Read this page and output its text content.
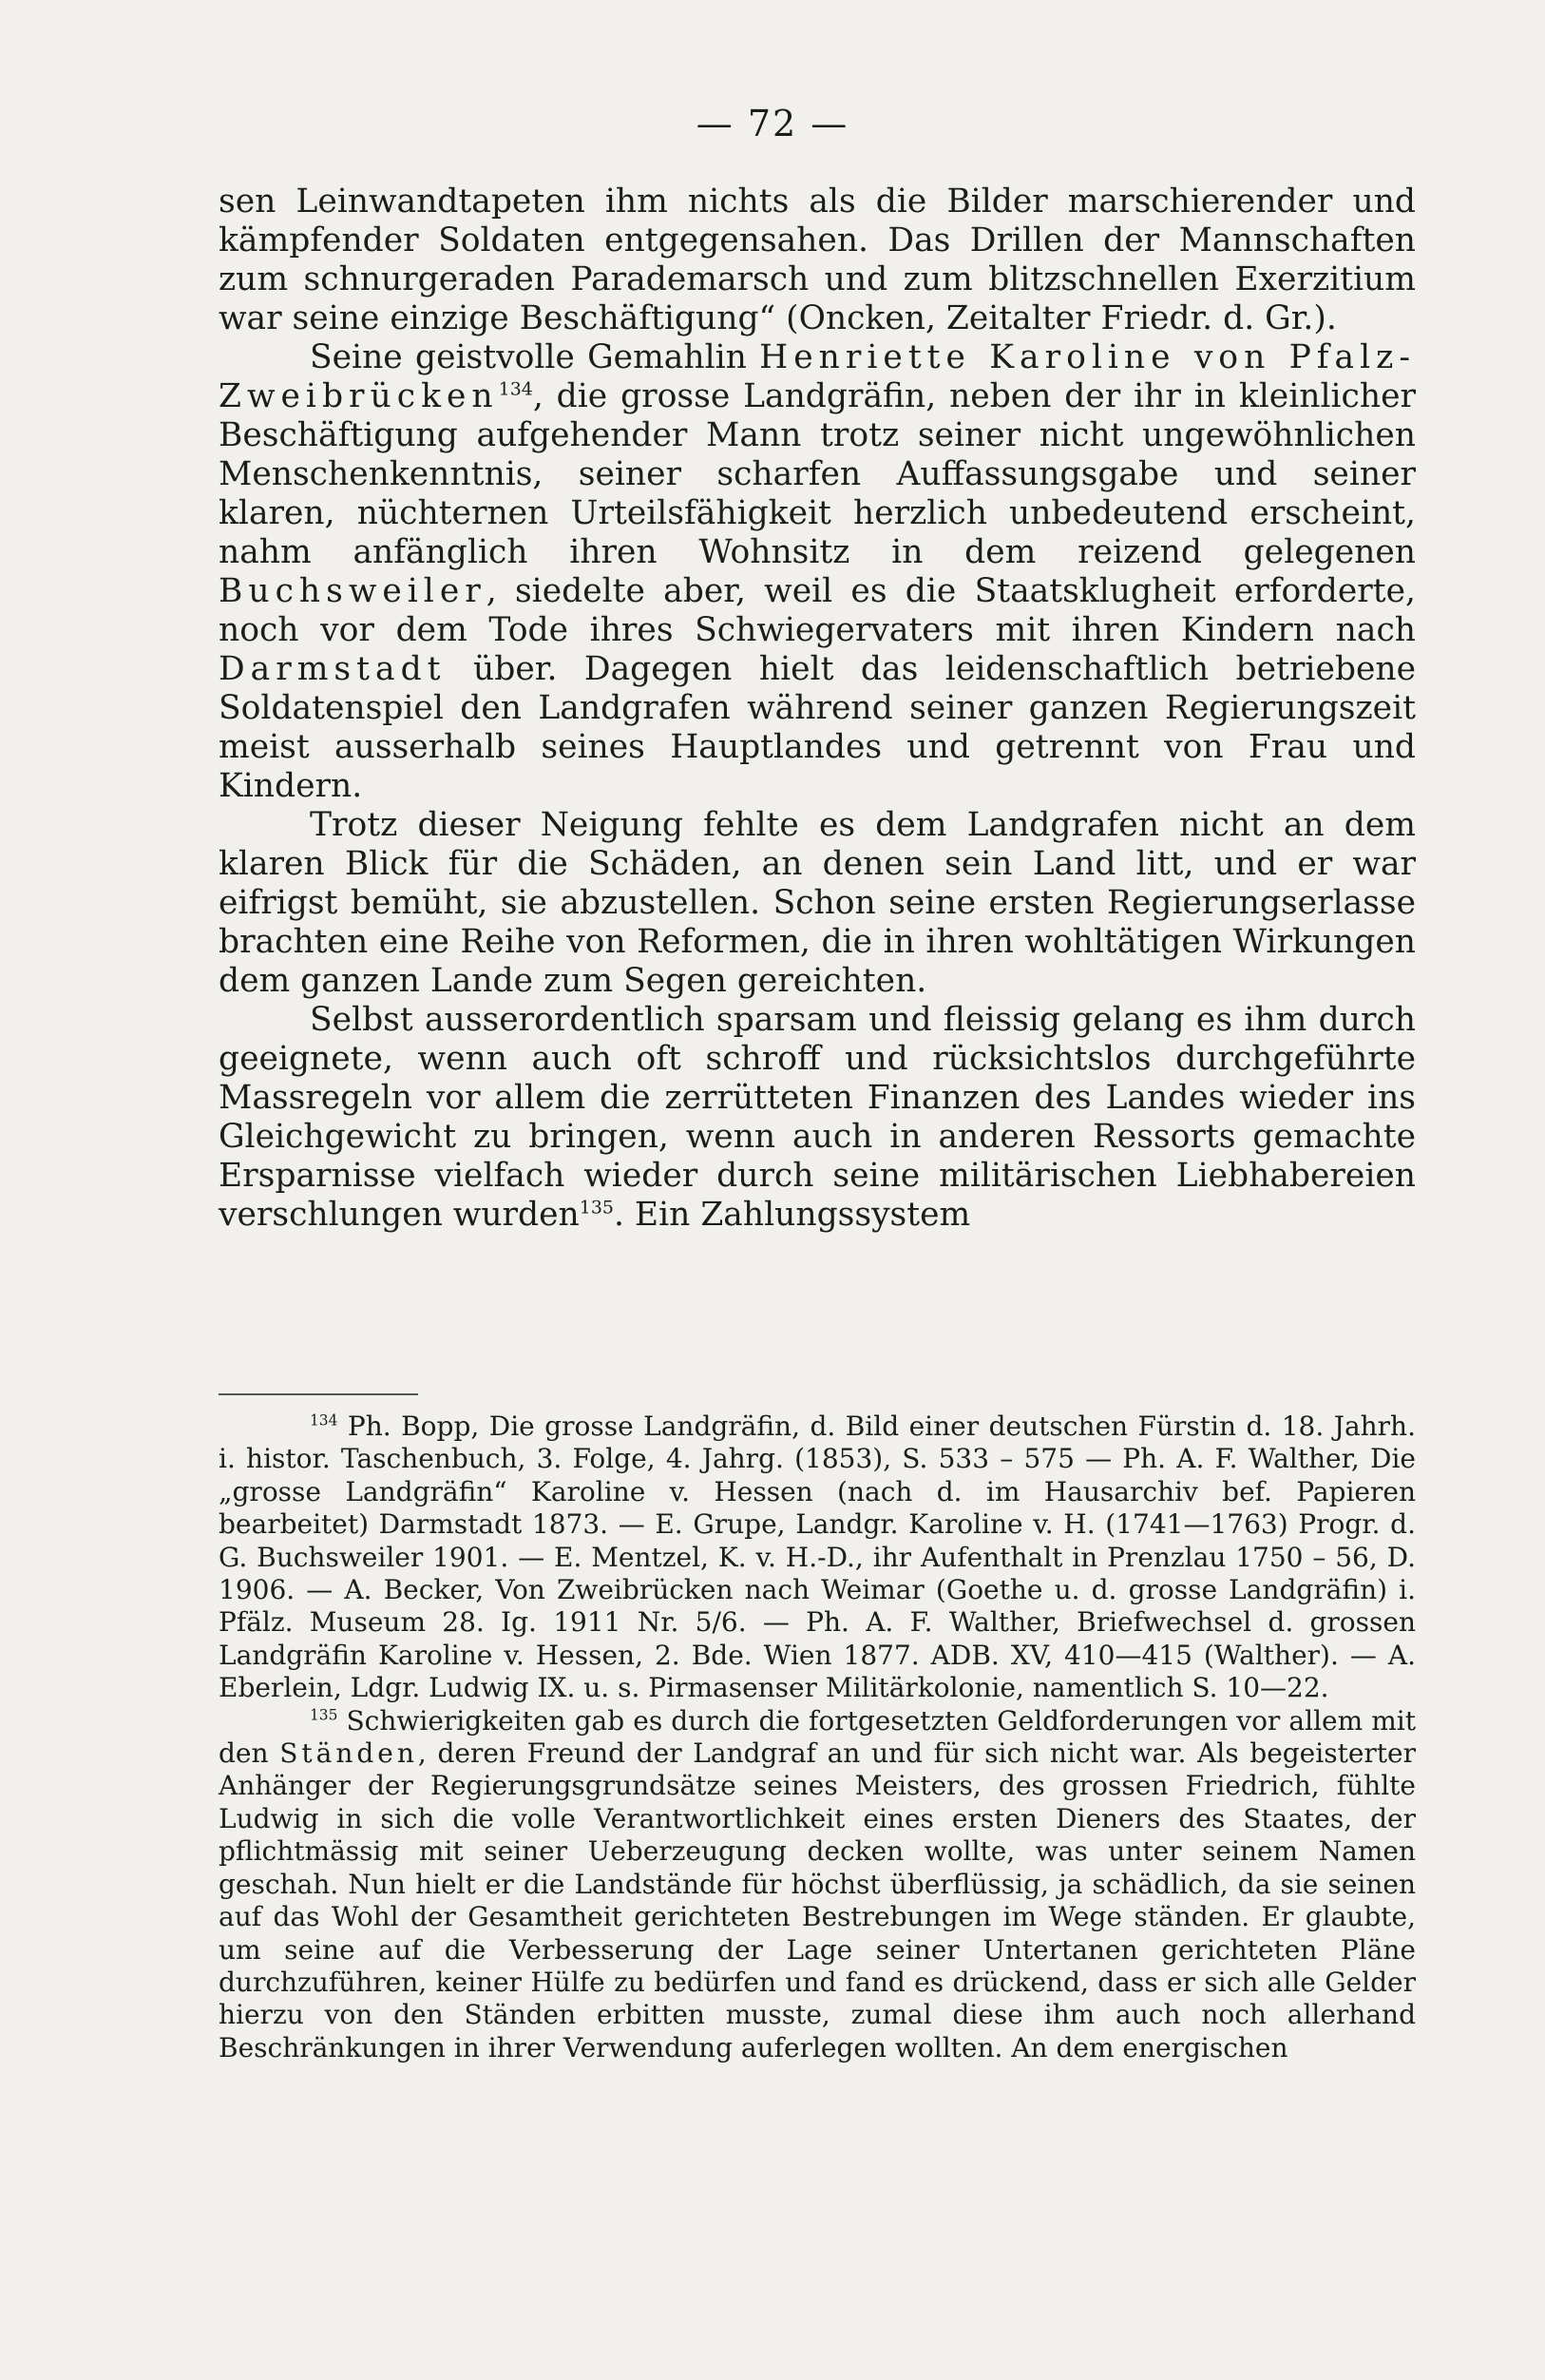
— 72 —

sen Leinwandtapeten ihm nichts als die Bilder marschierender und kämpfender Soldaten entgegensahen. Das Drillen der Mannschaften zum schnurgeraden Parademarsch und zum blitzschnellen Exerzitium war seine einzige Beschäftigung“ (Oncken, Zeitalter Friedr. d. Gr.).

Seine geistvolle Gemahlin Henriette Karoline von Pfalz-Zweibrücken$^{134}$, die grosse Landgräfin, neben der ihr in kleinlicher Beschäftigung aufgehender Mann trotz seiner nicht ungewöhnlichen Menschenkenntnis, seiner scharfen Auffassungsgabe und seiner klaren, nüchternen Urteilsfähigkeit herzlich unbedeutend erscheint, nahm anfänglich ihren Wohnsitz in dem reizend gelegenen Buchsweiler, siedelte aber, weil es die Staatsklugheit erforderte, noch vor dem Tode ihres Schwiegervaters mit ihren Kindern nach Darmstadt über. Dagegen hielt das leidenschaftlich betriebene Soldatenspiel den Landgrafen während seiner ganzen Regierungszeit meist ausserhalb seines Hauptlandes und getrennt von Frau und Kindern.

Trotz dieser Neigung fehlte es dem Landgrafen nicht an dem klaren Blick für die Schäden, an denen sein Land litt, und er war eifrigst bemüht, sie abzustellen. Schon seine ersten Regierungserlasse brachten eine Reihe von Reformen, die in ihren wohltätigen Wirkungen dem ganzen Lande zum Segen gereichten.

Selbst ausserordentlich sparsam und fleissig gelang es ihm durch geeignete, wenn auch oft schroff und rücksichtslos durchgeführte Massregeln vor allem die zerrütteten Finanzen des Landes wieder ins Gleichgewicht zu bringen, wenn auch in anderen Ressorts gemachte Ersparnisse vielfach wieder durch seine militärischen Liebhabereien verschlungen wurden$^{135}$. Ein Zahlungssystem

$^{134}$ Ph. Bopp, Die grosse Landgräfin, d. Bild einer deutschen Fürstin d. 18. Jahrh. i. histor. Taschenbuch, 3. Folge, 4. Jahrg. (1853), S. 533 – 575 — Ph. A. F. Walther, Die „grosse Landgräfin“ Karoline v. Hessen (nach d. im Hausarchiv bef. Papieren bearbeitet) Darmstadt 1873. — E. Grupe, Landgr. Karoline v. H. (1741—1763) Progr. d. G. Buchsweiler 1901. — E. Mentzel, K. v. H.-D., ihr Aufenthalt in Prenzlau 1750 – 56, D. 1906. — A. Becker, Von Zweibrücken nach Weimar (Goethe u. d. grosse Landgräfin) i. Pfälz. Museum 28. Ig. 1911 Nr. 5/6. — Ph. A. F. Walther, Briefwechsel d. grossen Landgräfin Karoline v. Hessen, 2. Bde. Wien 1877. ADB. XV, 410—415 (Walther). — A. Eberlein, Ldgr. Ludwig IX. u. s. Pirmasenser Militärkolonie, namentlich S. 10—22.

$^{135}$ Schwierigkeiten gab es durch die fortgesetzten Geldforderungen vor allem mit den Ständen, deren Freund der Landgraf an und für sich nicht war. Als begeisterter Anhänger der Regierungsgrundsätze seines Meisters, des grossen Friedrich, fühlte Ludwig in sich die volle Verantwortlichkeit eines ersten Dieners des Staates, der pflichtmässig mit seiner Ueberzeugung decken wollte, was unter seinem Namen geschah. Nun hielt er die Landstände für höchst überflüssig, ja schädlich, da sie seinen auf das Wohl der Gesamtheit gerichteten Bestrebungen im Wege ständen. Er glaubte, um seine auf die Verbesserung der Lage seiner Untertanen gerichteten Pläne durchzuführen, keiner Hülfe zu bedürfen und fand es drückend, dass er sich alle Gelder hierzu von den Ständen erbitten musste, zumal diese ihm auch noch allerhand Beschränkungen in ihrer Verwendung auferlegen wollten. An dem energischen
